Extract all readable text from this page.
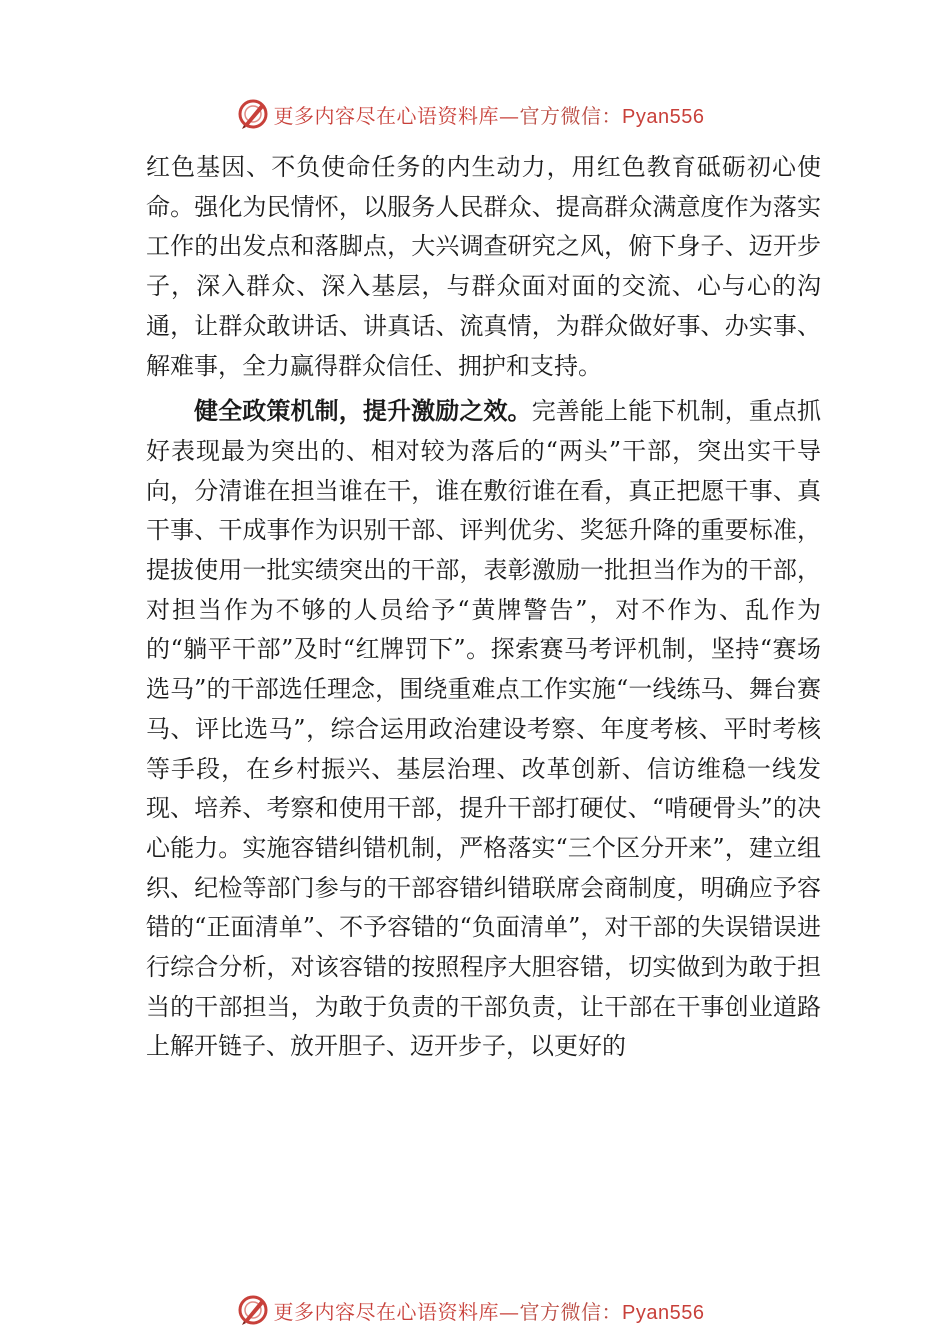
更多内容尽在心语资料库—官方微信：Pyan556

红色基因、不负使命任务的内生动力，用红色教育砥砺初心使命。强化为民情怀，以服务人民群众、提高群众满意度作为落实工作的出发点和落脚点，大兴调查研究之风，俯下身子、迈开步子，深入群众、深入基层，与群众面对面的交流、心与心的沟通，让群众敢讲话、讲真话、流真情，为群众做好事、办实事、解难事，全力赢得群众信任、拥护和支持。

健全政策机制，提升激励之效。完善能上能下机制，重点抓好表现最为突出的、相对较为落后的“两头”干部，突出实干导向，分清谁在担当谁在干，谁在敷衍谁在看，真正把愿干事、真干事、干成事作为识别干部、评判优劣、奖惩升降的重要标准，提拔使用一批实绩突出的干部，表彰激励一批担当作为的干部，对担当作为不够的人员给予“黄牌警告”，对不作为、乱作为的“躺平干部”及时“红牌罚下”。探索赛马考评机制，坚持“赛场选马”的干部选任理念，围绕重难点工作实施“一线练马、舞台赛马、评比选马”，综合运用政治建设考察、年度考核、平时考核等手段，在乡村振兴、基层治理、改革创新、信访维稳一线发现、培养、考察和使用干部，提升干部打硬仗、“啃硬骨头”的决心能力。实施容错纠错机制，严格落实“三个区分开来”，建立组织、纪检等部门参与的干部容错纠错联席会商制度，明确应予容错的“正面清单”、不予容错的“负面清单”，对干部的失误错误进行综合分析，对该容错的按照程序大胆容错，切实做到为敢于担当的干部担当，为敢于负责的干部负责，让干部在干事创业道路上解开链子、放开胆子、迈开步子，以更好的

更多内容尽在心语资料库—官方微信：Pyan556
